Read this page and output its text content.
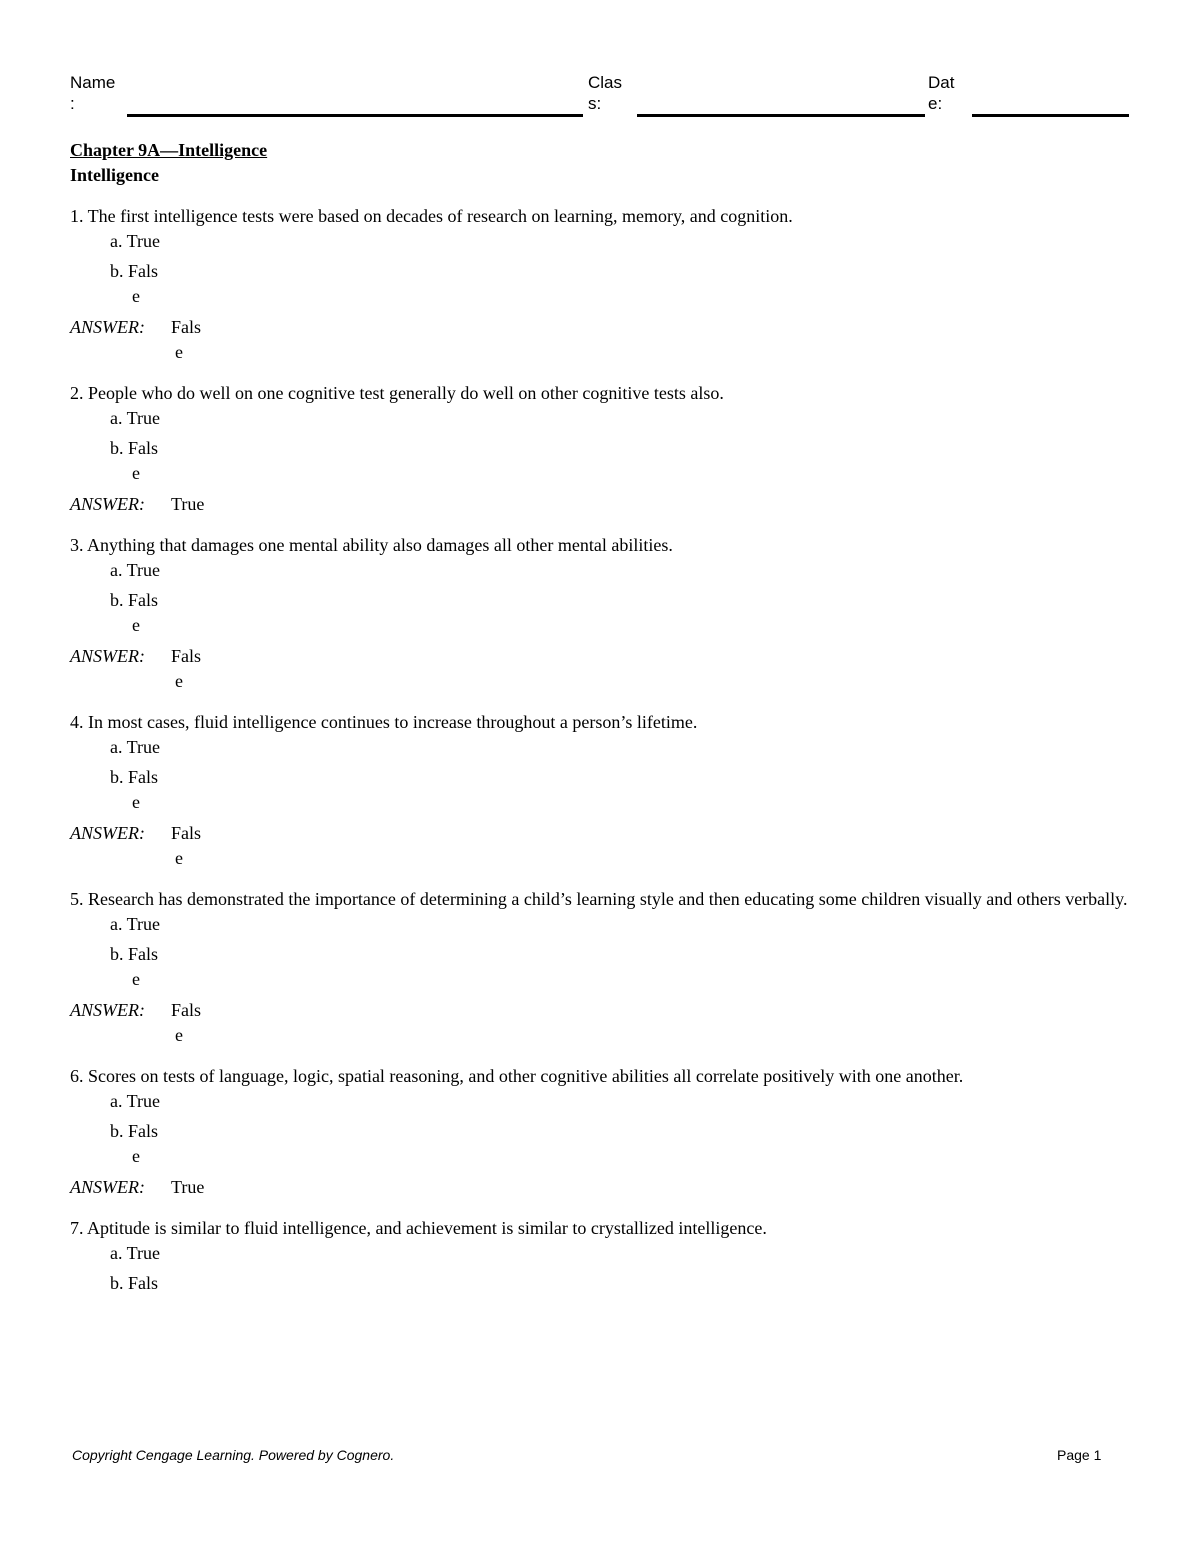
Name
:
Clas
s:
Dat
e:
Chapter 9A—Intelligence
Intelligence
1. The first intelligence tests were based on decades of research on learning, memory, and cognition.
a. True
b. Fals
e
ANSWER:	Fals
e
2. People who do well on one cognitive test generally do well on other cognitive tests also.
a. True
b. Fals
e
ANSWER:	True
3. Anything that damages one mental ability also damages all other mental abilities.
a. True
b. Fals
e
ANSWER:	Fals
e
4. In most cases, fluid intelligence continues to increase throughout a person’s lifetime.
a. True
b. Fals
e
ANSWER:	Fals
e
5. Research has demonstrated the importance of determining a child’s learning style and then educating some children visually and others verbally.
a. True
b. Fals
e
ANSWER:	Fals
e
6. Scores on tests of language, logic, spatial reasoning, and other cognitive abilities all correlate positively with one another.
a. True
b. Fals
e
ANSWER:	True
7. Aptitude is similar to fluid intelligence, and achievement is similar to crystallized intelligence.
a. True
b. Fals
Copyright Cengage Learning. Powered by Cognero.	Page 1
